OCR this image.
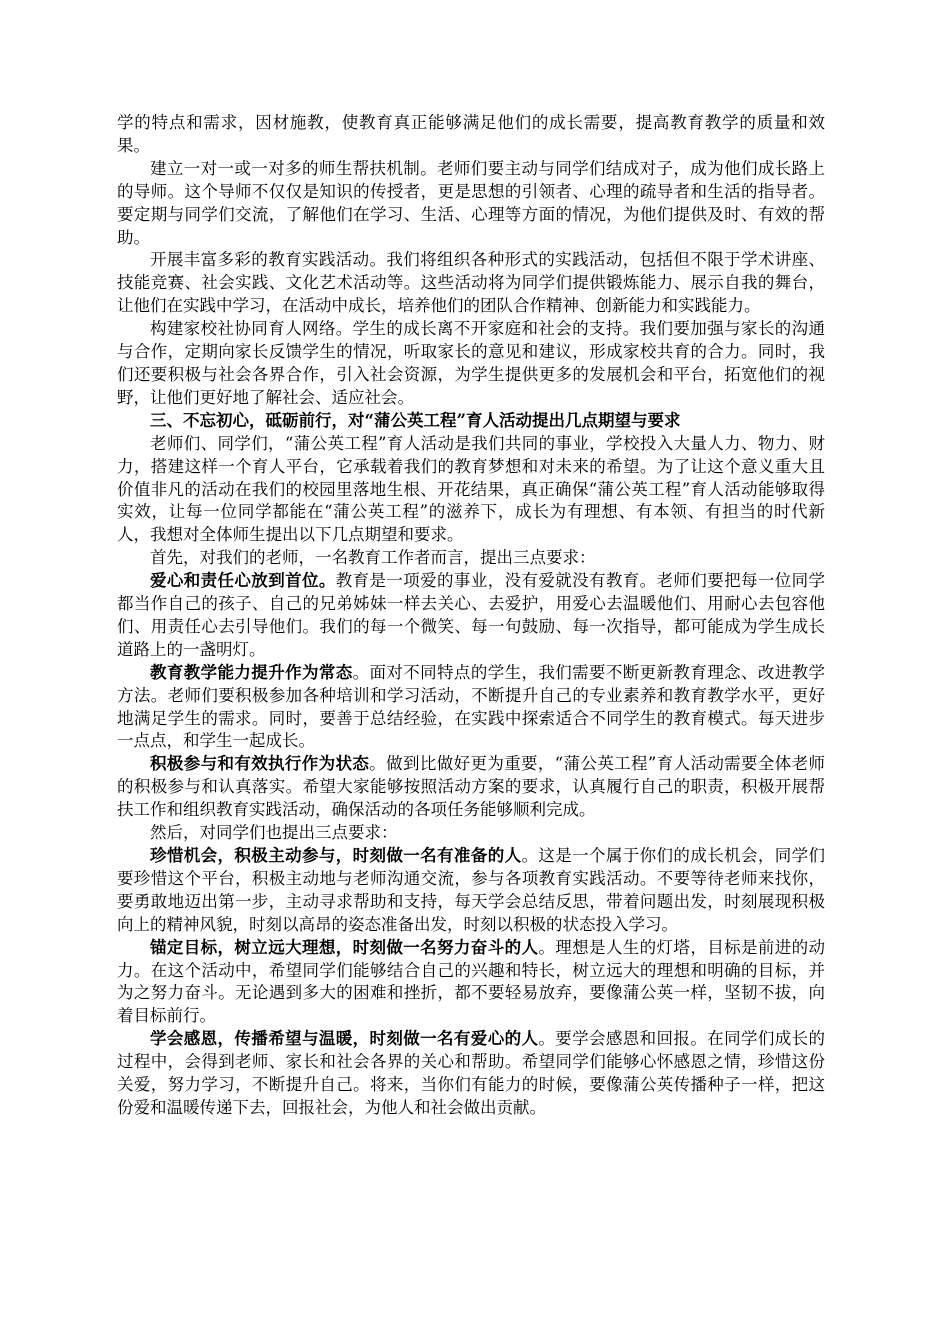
学的特点和需求，因材施教，使教育真正能够满足他们的成长需要，提高教育教学的质量和效果。

建立一对一或一对多的师生帮扶机制。老师们要主动与同学们结成对子，成为他们成长路上的导师。这个导师不仅仅是知识的传授者，更是思想的引领者、心理的疏导者和生活的指导者。要定期与同学们交流，了解他们在学习、生活、心理等方面的情况，为他们提供及时、有效的帮助。

开展丰富多彩的教育实践活动。我们将组织各种形式的实践活动，包括但不限于学术讲座、技能竞赛、社会实践、文化艺术活动等。这些活动将为同学们提供锻炼能力、展示自我的舞台，让他们在实践中学习，在活动中成长，培养他们的团队合作精神、创新能力和实践能力。

构建家校社协同育人网络。学生的成长离不开家庭和社会的支持。我们要加强与家长的沟通与合作，定期向家长反馈学生的情况，听取家长的意见和建议，形成家校共育的合力。同时，我们还要积极与社会各界合作，引入社会资源，为学生提供更多的发展机会和平台，拓宽他们的视野，让他们更好地了解社会、适应社会。

三、不忘初心，砥砺前行，对“蒲公英工程”育人活动提出几点期望与要求

老师们、同学们，“蒲公英工程”育人活动是我们共同的事业，学校投入大量人力、物力、财力，搭建这样一个育人平台，它承载着我们的教育梦想和对未来的希望。为了让这个意义重大且价值非凡的活动在我们的校园里落地生根、开花结果，真正确保“蒲公英工程”育人活动能够取得实效，让每一位同学都能在“蒲公英工程”的滋养下，成长为有理想、有本领、有担当的时代新人，我想对全体师生提出以下几点期望和要求。

首先，对我们的老师，一名教育工作者而言，提出三点要求：

爱心和责任心放到首位。教育是一项爱的事业，没有爱就没有教育。老师们要把每一位同学都当作自己的孩子、自己的兄弟姊妹一样去关心、去爱护，用爱心去温暖他们、用耐心去包容他们、用责任心去引导他们。我们的每一个微笑、每一句鼓励、每一次指导，都可能成为学生成长道路上的一盏明灯。

教育教学能力提升作为常态。面对不同特点的学生，我们需要不断更新教育理念、改进教学方法。老师们要积极参加各种培训和学习活动，不断提升自己的专业素养和教育教学水平，更好地满足学生的需求。同时，要善于总结经验，在实践中探索适合不同学生的教育模式。每天进步一点点，和学生一起成长。

积极参与和有效执行作为状态。做到比做好更为重要，“蒲公英工程”育人活动需要全体老师的积极参与和认真落实。希望大家能够按照活动方案的要求，认真履行自己的职责，积极开展帮扶工作和组织教育实践活动，确保活动的各项任务能够顺利完成。

然后，对同学们也提出三点要求：

珍惜机会，积极主动参与，时刻做一名有准备的人。这是一个属于你们的成长机会，同学们要珍惜这个平台，积极主动地与老师沟通交流，参与各项教育实践活动。不要等待老师来找你，要勇敢地迈出第一步，主动寻求帮助和支持，每天学会总结反思，带着问题出发，时刻展现积极向上的精神风貌，时刻以高昂的姿态准备出发，时刻以积极的状态投入学习。

锚定目标，树立远大理想，时刻做一名努力奋斗的人。理想是人生的灯塔，目标是前进的动力。在这个活动中，希望同学们能够结合自己的兴趣和特长，树立远大的理想和明确的目标，并为之努力奋斗。无论遇到多大的困难和挫折，都不要轻易放弃，要像蒲公英一样，坚韧不拔，向着目标前行。

学会感恩，传播希望与温暖，时刻做一名有爱心的人。要学会感恩和回报。在同学们成长的过程中，会得到老师、家长和社会各界的关心和帮助。希望同学们能够心怀感恩之情，珍惜这份关爱，努力学习，不断提升自己。将来，当你们有能力的时候，要像蒲公英传播种子一样，把这份爱和温暖传递下去，回报社会，为他人和社会做出贡献。
